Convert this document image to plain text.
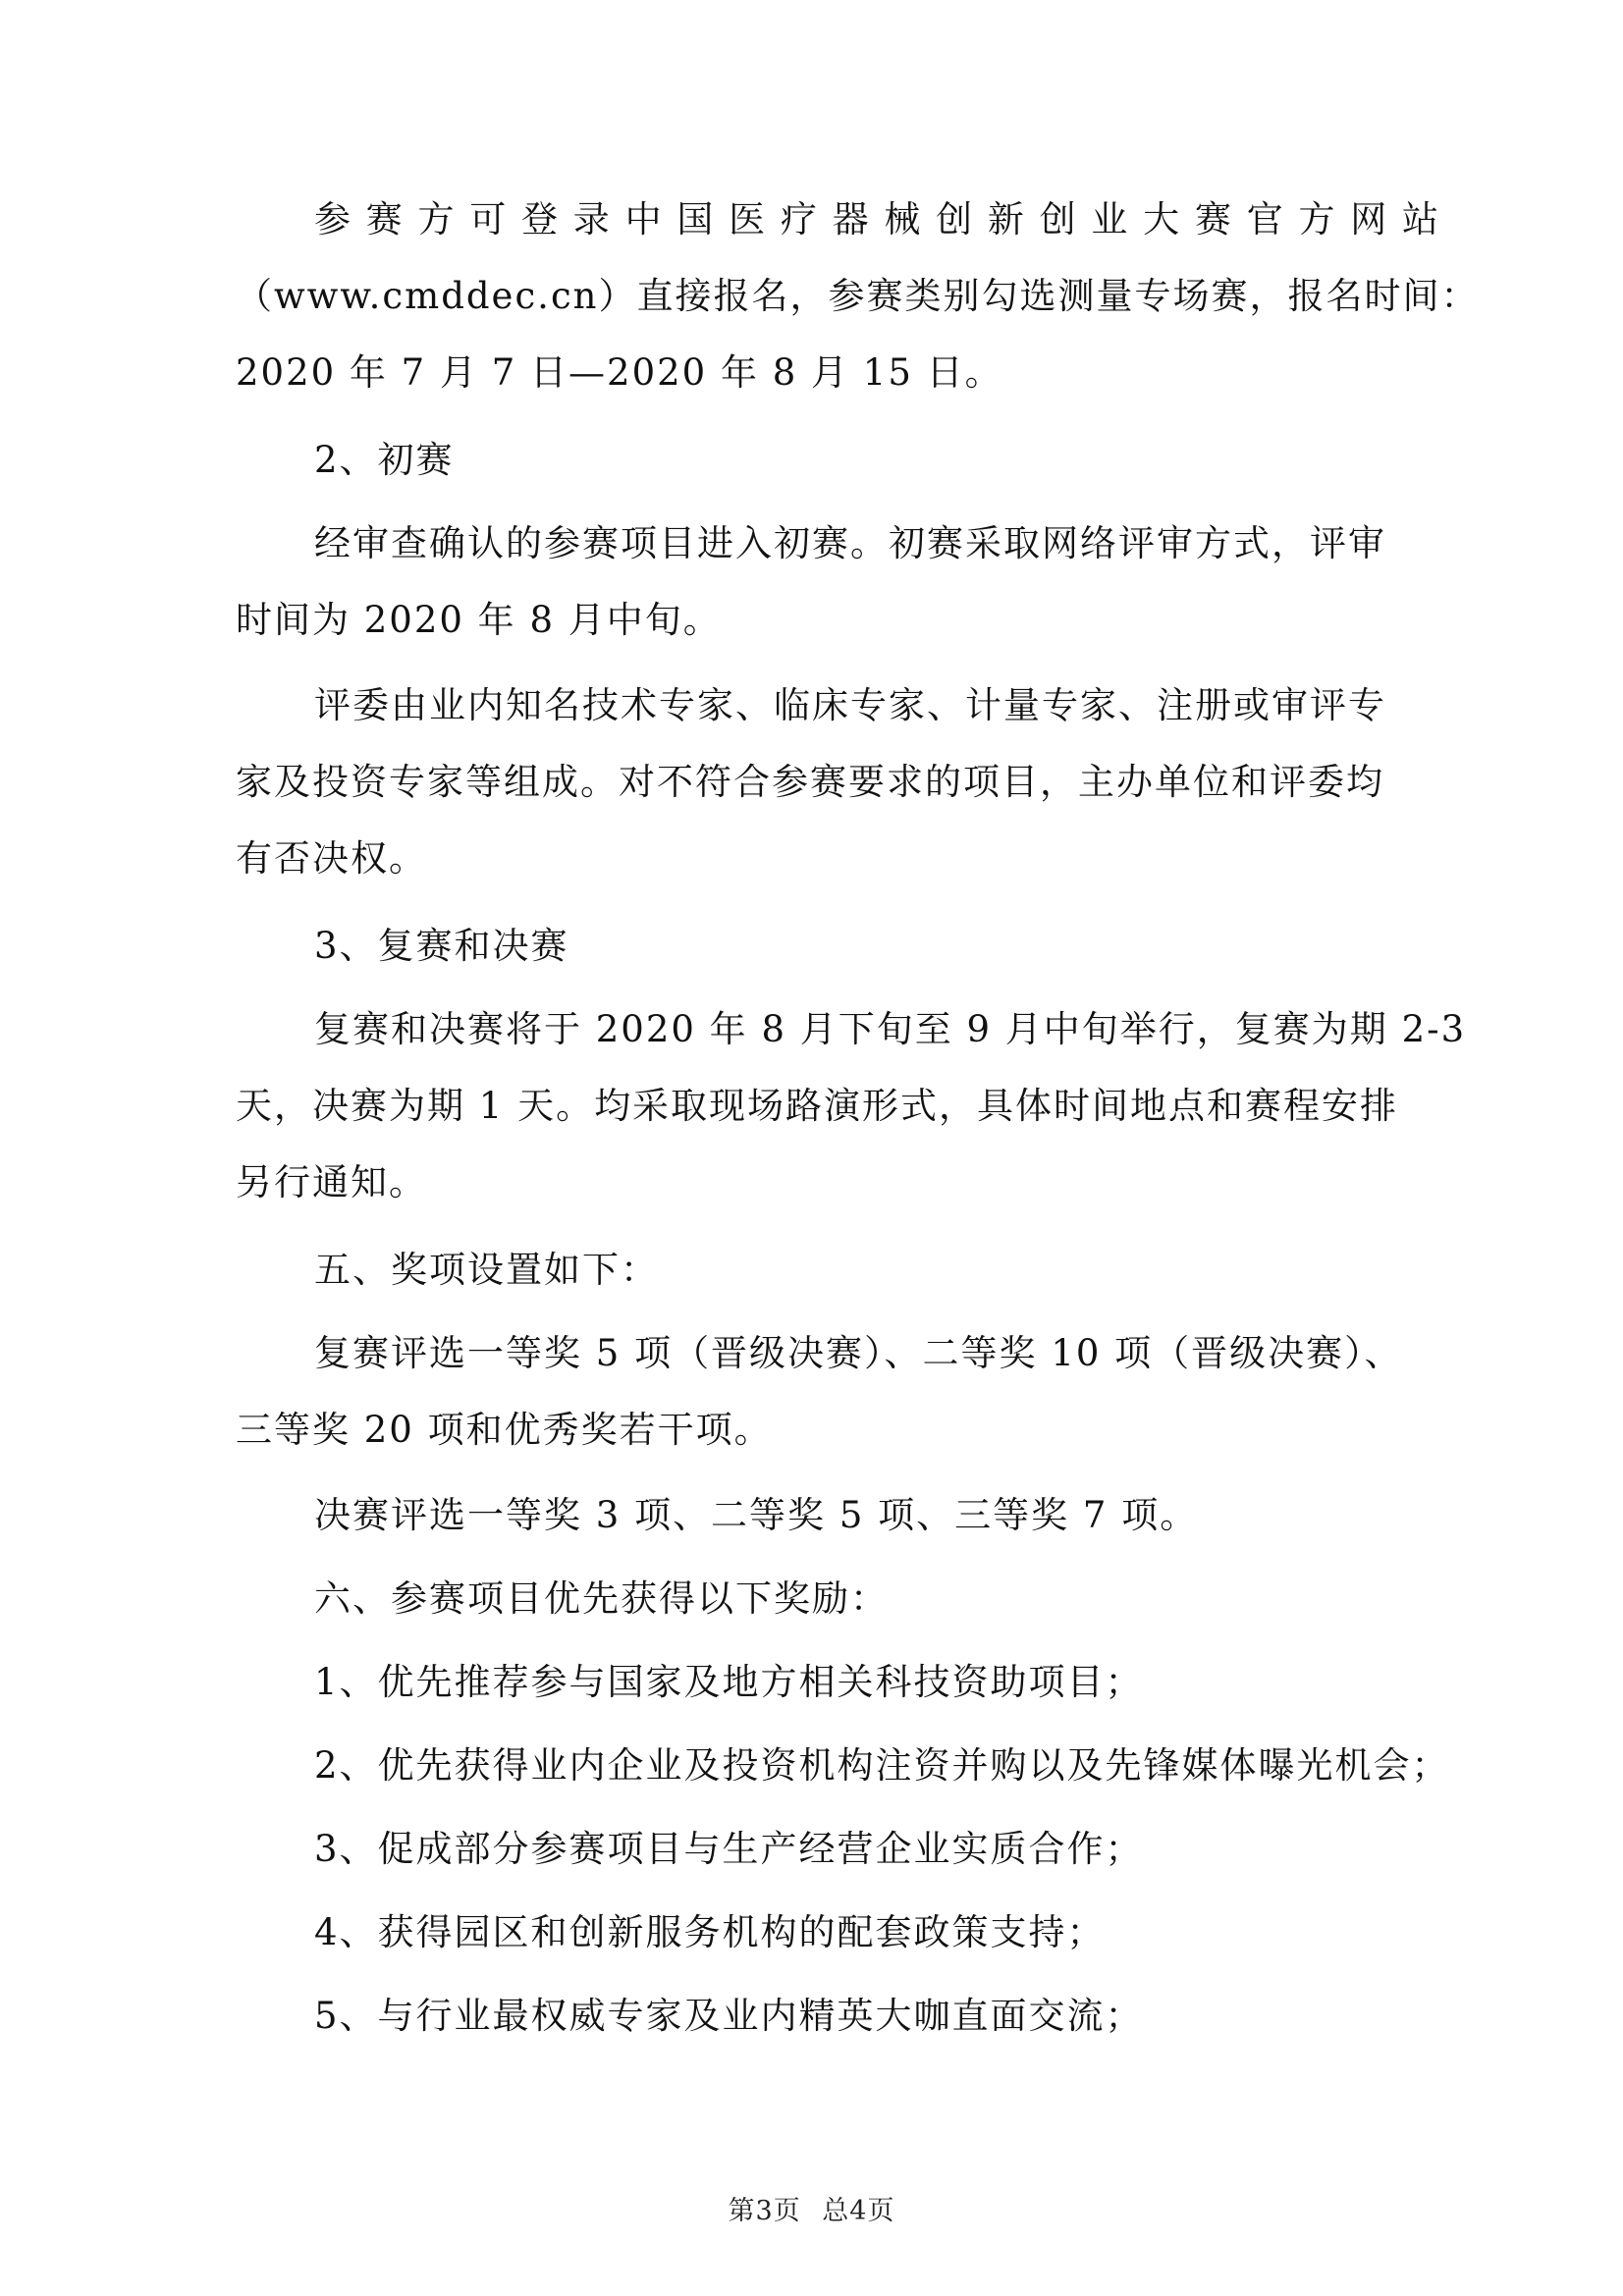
参 赛 方 可 登 录 中 国 医 疗 器 械 创 新 创 业 大 赛 官 方 网 站
（www.cmddec.cn）直接报名，参赛类别勾选测量专场赛，报名时间：
2020 年 7 月 7 日—2020 年 8 月 15 日。

2、初赛

经审查确认的参赛项目进入初赛。初赛采取网络评审方式，评审
时间为 2020 年 8 月中旬。

评委由业内知名技术专家、临床专家、计量专家、注册或审评专
家及投资专家等组成。对不符合参赛要求的项目，主办单位和评委均
有否决权。

3、复赛和决赛

复赛和决赛将于 2020 年 8 月下旬至 9 月中旬举行，复赛为期 2-3
天，决赛为期 1 天。均采取现场路演形式，具体时间地点和赛程安排
另行通知。

五、奖项设置如下：

复赛评选一等奖 5 项（晋级决赛）、二等奖 10 项（晋级决赛）、
三等奖 20 项和优秀奖若干项。

决赛评选一等奖 3 项、二等奖 5 项、三等奖 7 项。

六、参赛项目优先获得以下奖励：

1、优先推荐参与国家及地方相关科技资助项目；

2、优先获得业内企业及投资机构注资并购以及先锋媒体曝光机会；

3、促成部分参赛项目与生产经营企业实质合作；

4、获得园区和创新服务机构的配套政策支持；

5、与行业最权威专家及业内精英大咖直面交流；

第3页 总4页
